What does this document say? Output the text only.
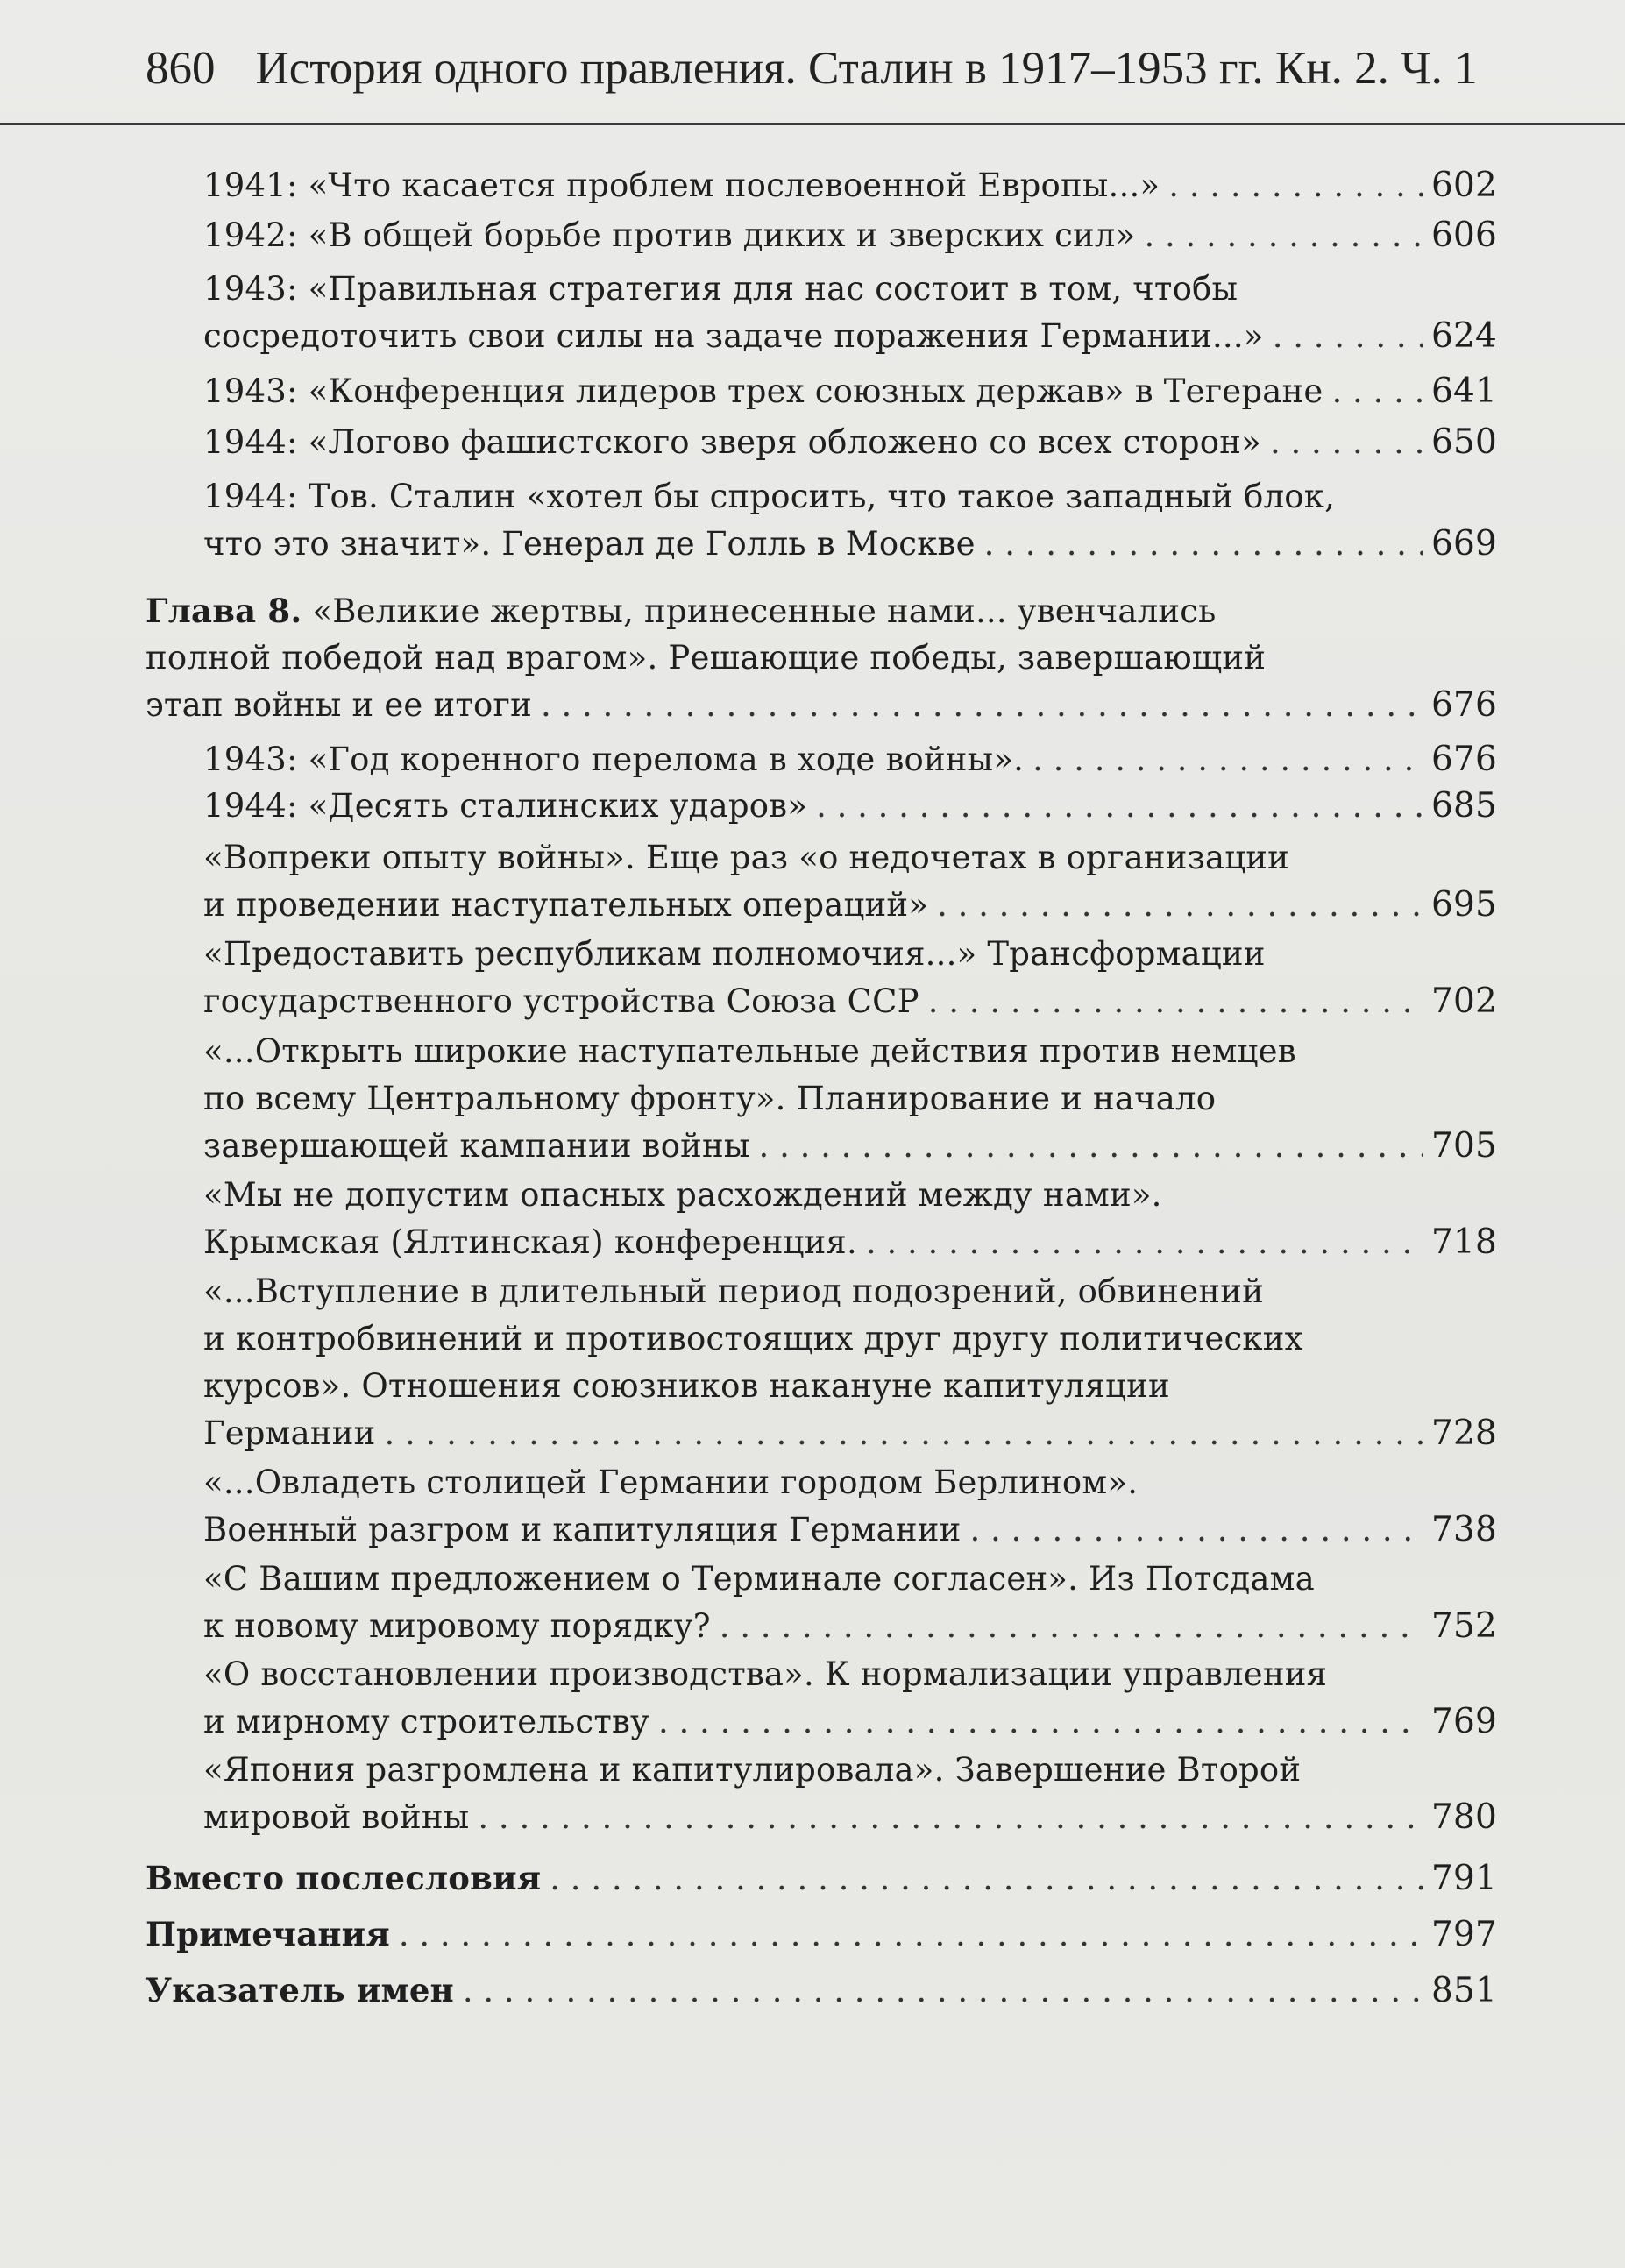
860 История одного правления. Сталин в 1917–1953 гг. Кн. 2. Ч. 1
1941: «Что касается проблем послевоенной Европы...» . . .	602
1942: «В общей борьбе против диких и зверских сил» . . .	606
1943: «Правильная стратегия для нас состоит в том, чтобы
сосредоточить свои силы на задаче поражения Германии...» . . .	624
1943: «Конференция лидеров трех союзных держав» в Тегеране . . .	641
1944: «Логово фашистского зверя обложено со всех сторон» . . .	650
1944: Тов. Сталин «хотел бы спросить, что такое западный блок,
что это значит». Генерал де Голль в Москве . . .	669
Глава 8. «Великие жертвы, принесенные нами... увенчались
полной победой над врагом». Решающие победы, завершающий
этап войны и ее итоги . . .	676
1943: «Год коренного перелома в ходе войны». . . .	676
1944: «Десять сталинских ударов» . . .	685
«Вопреки опыту войны». Еще раз «о недочетах в организации
и проведении наступательных операций» . . .	695
«Предоставить республикам полномочия...» Трансформации
государственного устройства Союза ССР . . .	702
«...Открыть широкие наступательные действия против немцев
по всему Центральному фронту». Планирование и начало
завершающей кампании войны . . .	705
«Мы не допустим опасных расхождений между нами».
Крымская (Ялтинская) конференция. . . .	718
«...Вступление в длительный период подозрений, обвинений
и контробвинений и противостоящих друг другу политических
курсов». Отношения союзников накануне капитуляции
Германии . . .	728
«...Овладеть столицей Германии городом Берлином».
Военный разгром и капитуляция Германии . . .	738
«С Вашим предложением о Терминале согласен». Из Потсдама
к новому мировому порядку? . . .	752
«О восстановлении производства». К нормализации управления
и мирному строительству . . .	769
«Япония разгромлена и капитулировала». Завершение Второй
мировой войны . . .	780
Вместо послесловия . . .	791
Примечания . . .	797
Указатель имен . . .	851
